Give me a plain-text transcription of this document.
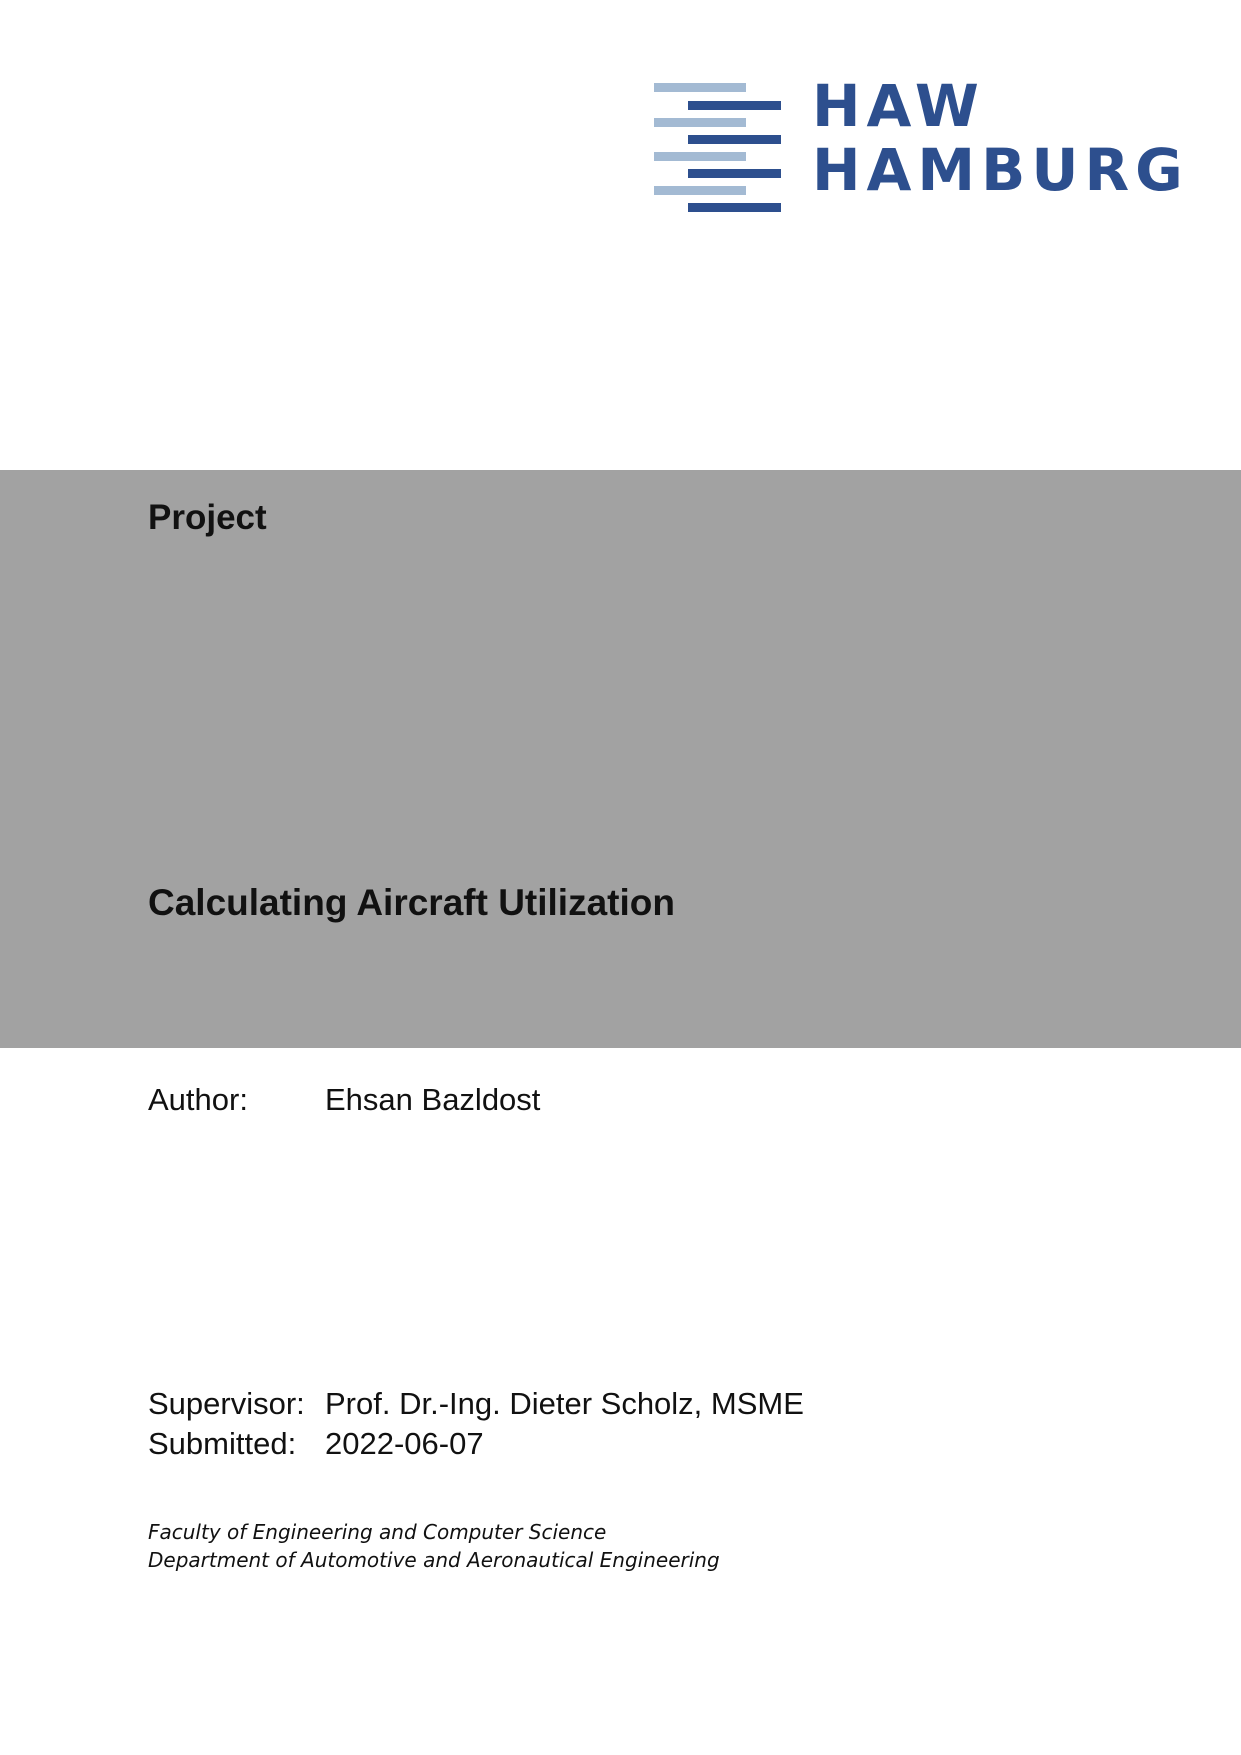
HAW
HAMBURG
Project
Calculating Aircraft Utilization
Author: Ehsan Bazldost
Supervisor: Prof. Dr.-Ing. Dieter Scholz, MSME
Submitted: 2022-06-07
Faculty of Engineering and Computer Science
Department of Automotive and Aeronautical Engineering
